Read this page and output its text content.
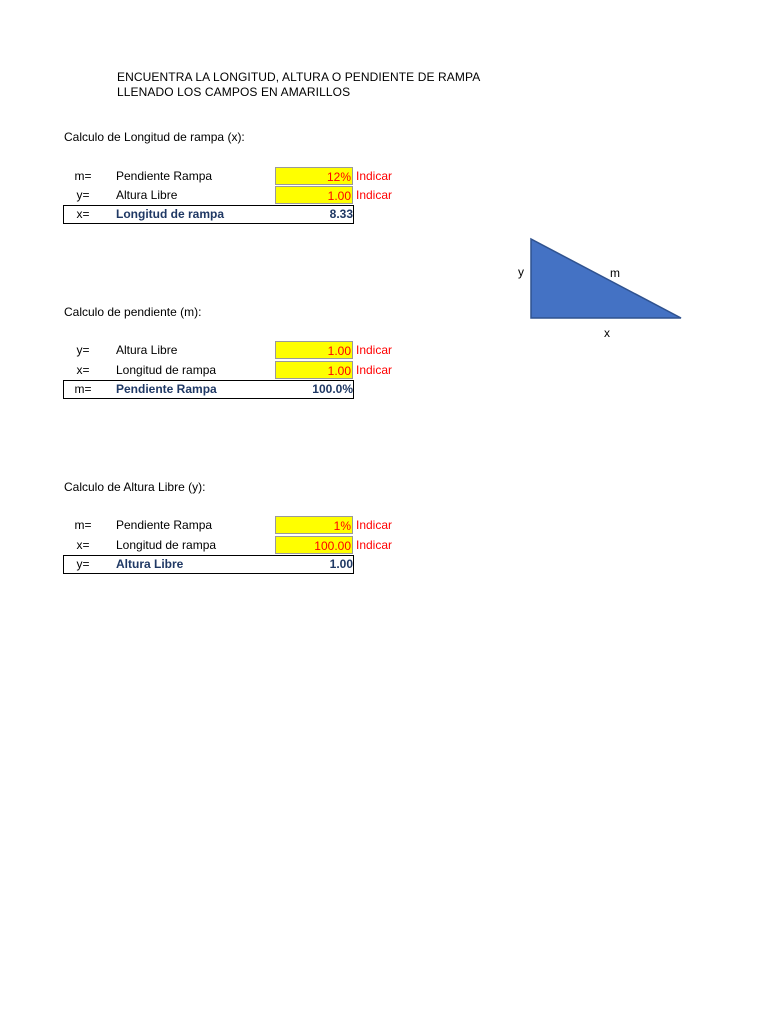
ENCUENTRA LA LONGITUD, ALTURA O PENDIENTE DE RAMPA
LLENADO LOS CAMPOS EN AMARILLOS
Calculo de Longitud de rampa (x):
m=	Pendiente Rampa	12% Indicar
y=	Altura Libre	1.00 Indicar
x=	Longitud de rampa	8.33
Calculo de pendiente (m):
y=	Altura Libre	1.00 Indicar
x=	Longitud de rampa	1.00 Indicar
m=	Pendiente Rampa	100.0%
Calculo de Altura Libre (y):
m=	Pendiente Rampa	1% Indicar
x=	Longitud de rampa	100.00 Indicar
y=	Altura Libre	1.00
y	m
x
